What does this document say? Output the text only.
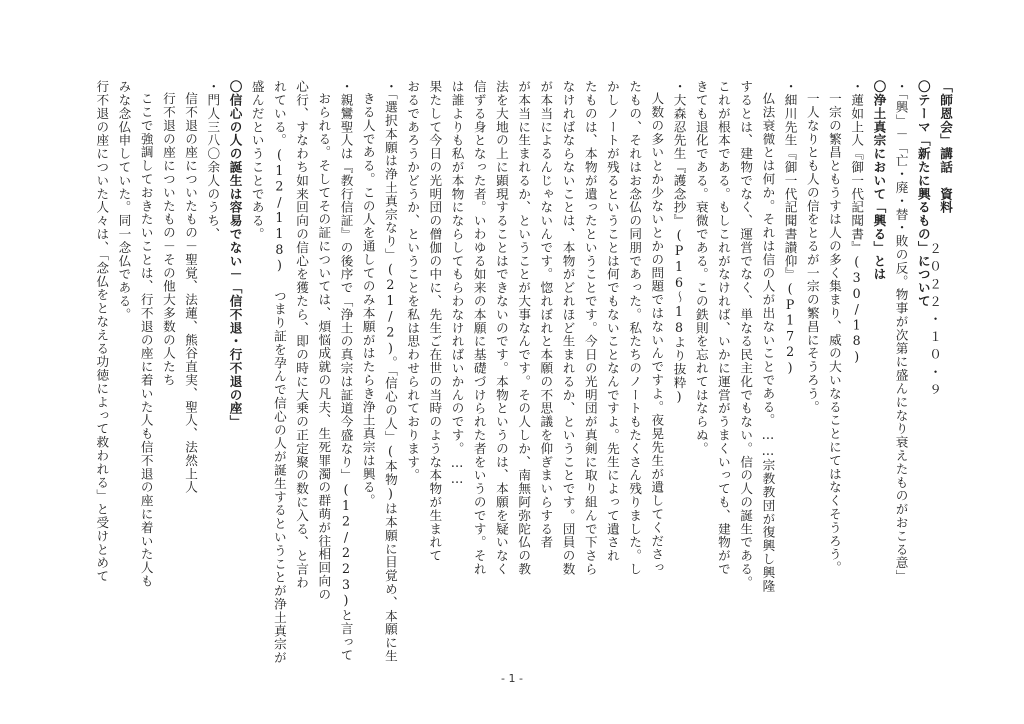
「師恩会」講話　資料
〇テーマ「新たに興るもの」について
・「興」－「亡・廃・替・敗の反。物事が次第に盛んになり衰えたものがおこる意」
〇浄土真宗において「興る」とは
・蓮如上人『御一代記聞書』(30/18)
一宗の繁昌ともうすは人の多く集まり、威の大いなることにてはなくそうろう。
一人なりとも人の信をとるが一宗の繁昌にそうろう。
・細川先生『御一代記聞書讃仰』(P172)
仏法衰微とは何か。それは信の人が出ないことである。……宗教教団が復興し興隆
するとは、建物でなく、運営でなく、単なる民主化でもない。信の人の誕生である。
これが根本である。もしこれがなければ、いかに運営がうまくいっても、建物がで
きても退化である。衰微である。この鉄則を忘れてはならぬ。
・大森忍先生『護念抄』(P16～18より抜粋)
人数の多いとか少ないとかの問題ではないんですよ。夜晃先生が遺してくださっ
たもの、それはお念仏の同朋であった。私たちのノートもたくさん残りました。し
かしノートが残るということは何でもないことなんですよ。先生によって遺され
たものは、本物が遺ったということです。今日の光明団が真剣に取り組んで下さら
なければならないことは、本物がどれほど生まれるか、ということです。団員の数
が本当によるんじゃないんです。惚れぼれと本願の不思議を仰ぎまいらする者
が本当に生まれるか、ということが大事なんです。その人しか、南無阿弥陀仏の教
法を大地の上に顕現することはできないのです。本物というのは、本願を疑いなく
信ずる身となった者。いわゆる如来の本願に基礎づけられた者をいうのです。それ
は誰よりも私が本物にならしてもらわなければいかんのです。……
果たして今日の光明団の僧伽の中に、先生ご在世の当時のような本物が生まれて
おるであろうかどうか、ということを私は思わせられております。
・「選択本願は浄土真宗なり」(21/2)。「信心の人」(本物)は本願に目覚め、本願に生
きる人である。この人を通してのみ本願がはたらき浄土真宗は興る。
・親鸞聖人は『教行信証』の後序で「浄土の真宗は証道今盛なり」(12/223)と言って
おられる。そしてその証については、煩悩成就の凡夫、生死罪濁の群萌が往相回向の
心行、すなわち如来回向の信心を獲たら、即の時に大乗の正定聚の数に入る、と言わ
れている。(12/118) つまり証を孕んで信心の人が誕生するということが浄土真宗が
盛んだということである。
〇信心の人の誕生は容易でない－「信不退・行不退の座」
・門人三八〇余人のうち、
信不退の座についたもの－聖覚、法蓮、熊谷直実、聖人、法然上人
行不退の座についたもの－その他大多数の人たち
ここで強調しておきたいことは、行不退の座に着いた人も信不退の座に着いた人も
みな念仏申していた。同一念仏である。
行不退の座についた人々は、「念仏をとなえる功徳によって救われる」と受けとめて	２０２２・１０・９
- 1 -
